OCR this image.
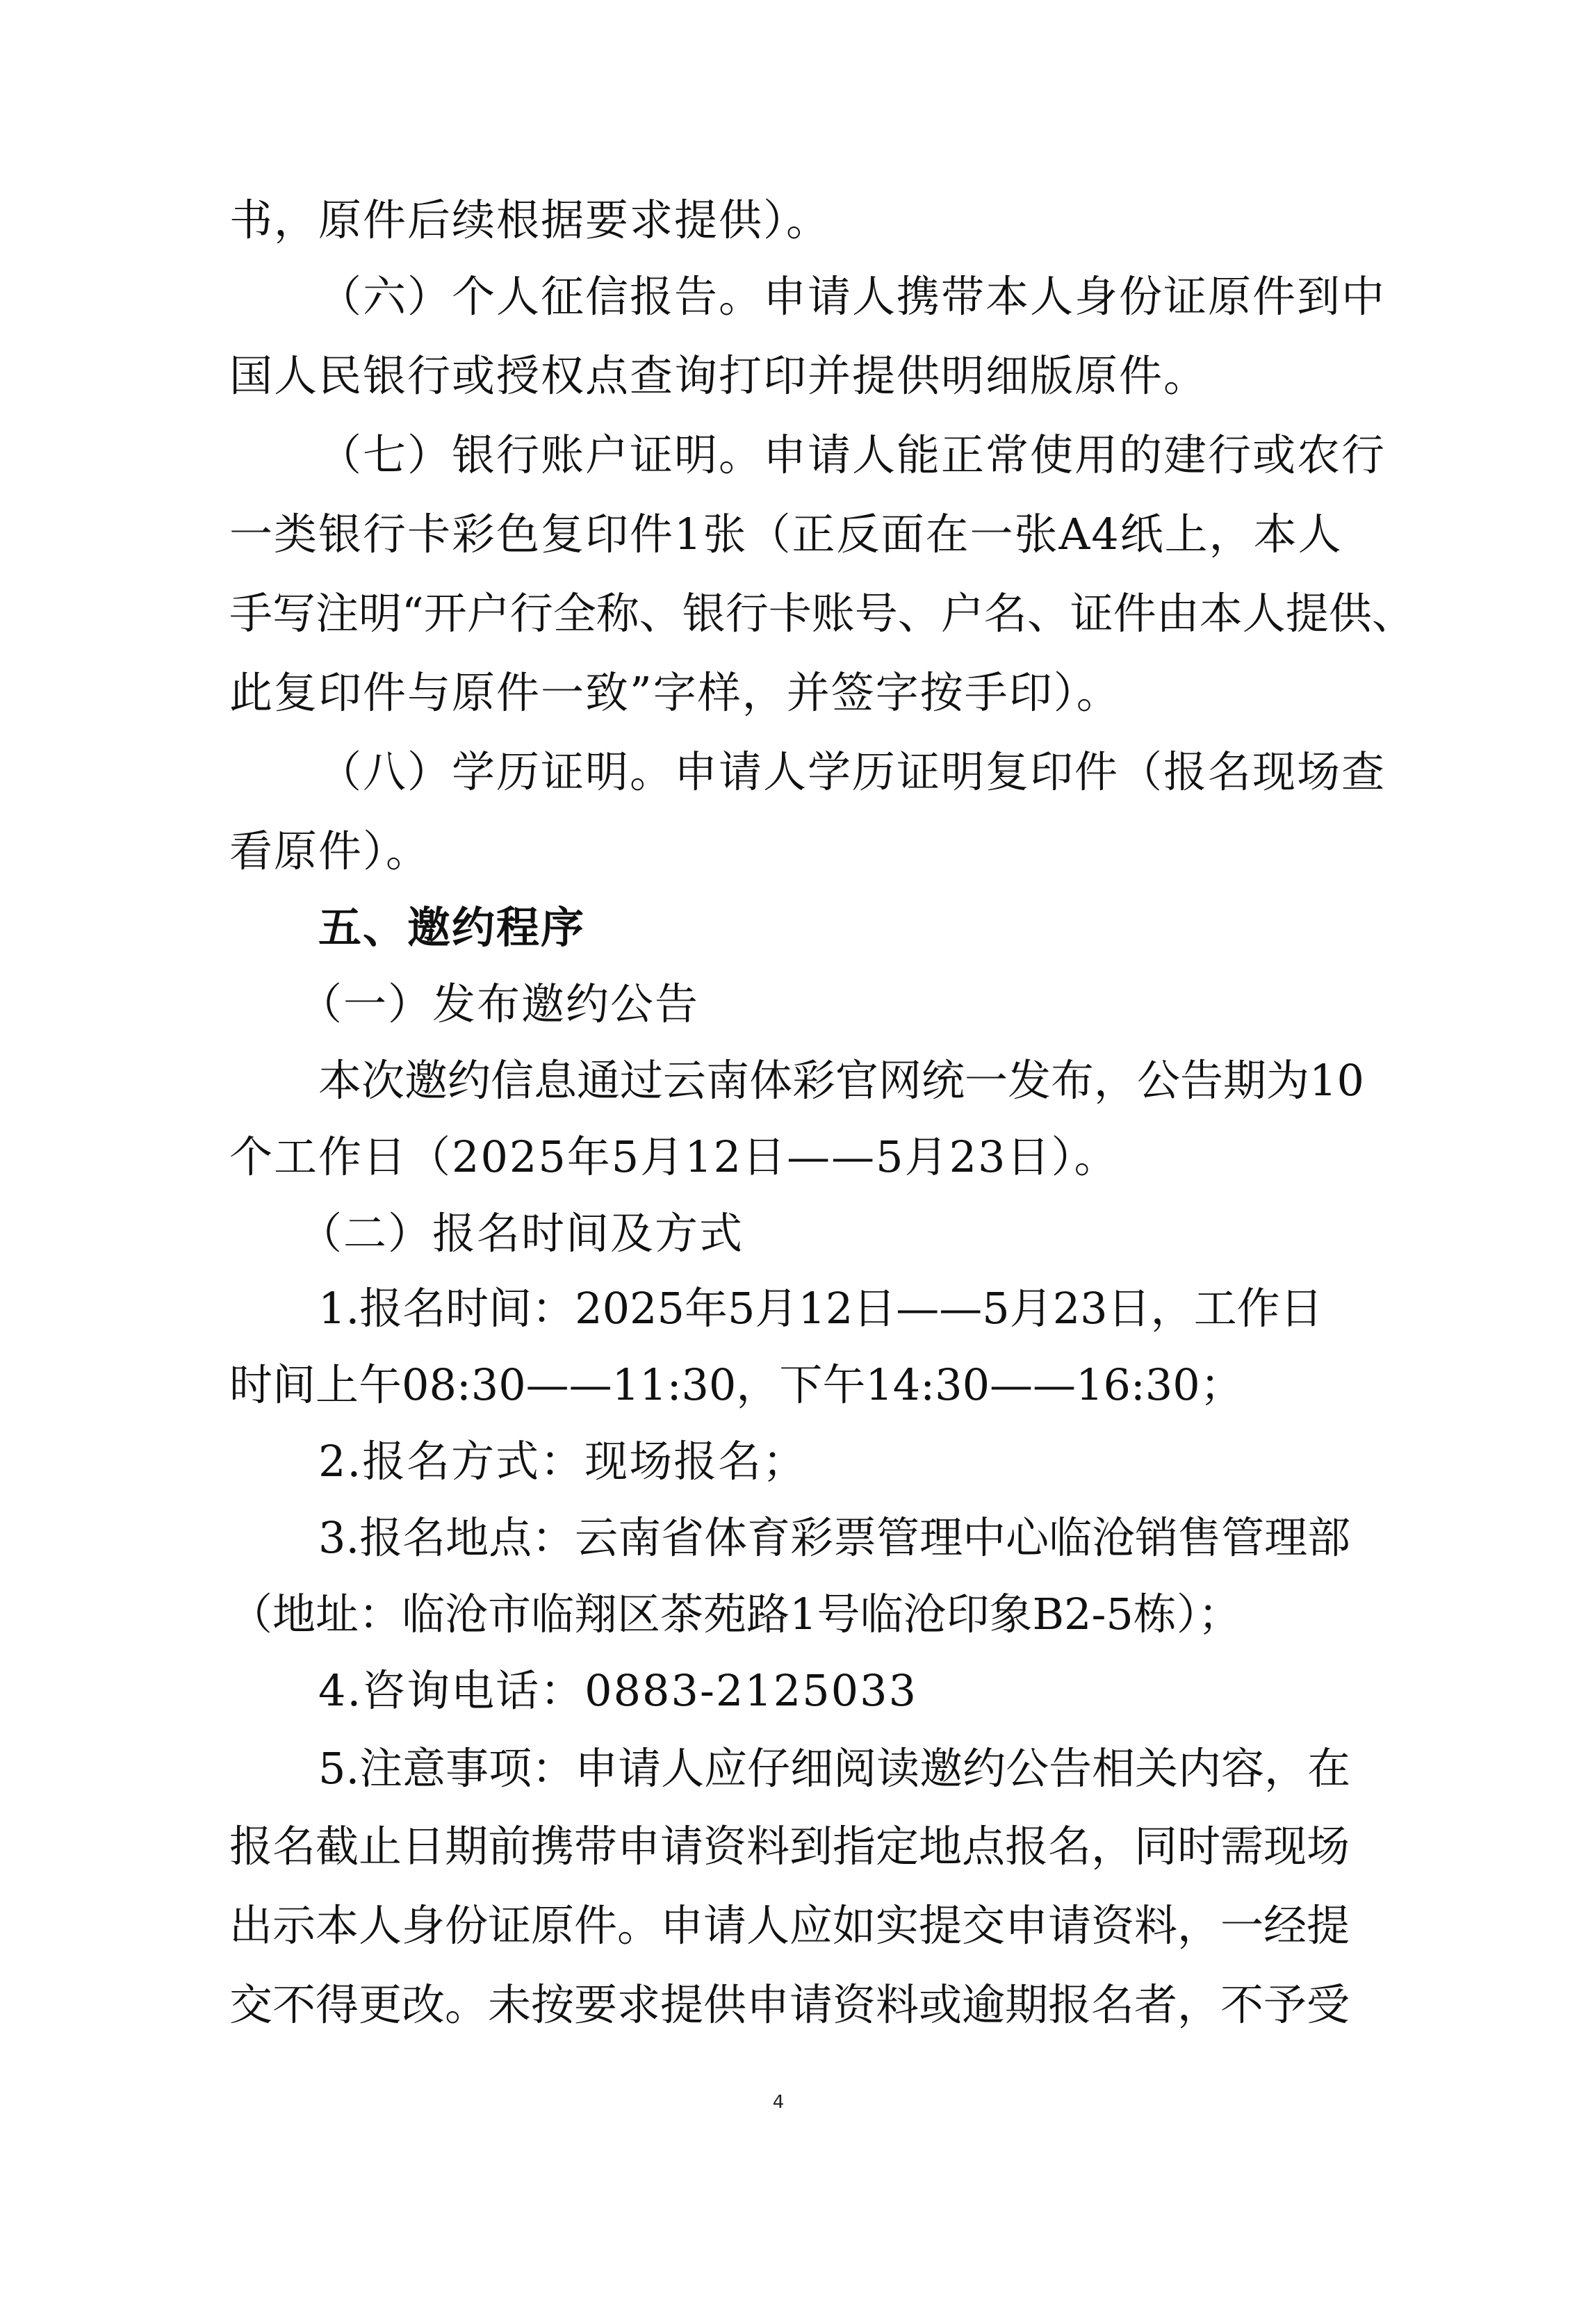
书，原件后续根据要求提供）。
（六）个人征信报告。申请人携带本人身份证原件到中
国人民银行或授权点查询打印并提供明细版原件。
（七）银行账户证明。申请人能正常使用的建行或农行
一类银行卡彩色复印件1张（正反面在一张A4纸上，本人
手写注明“开户行全称、银行卡账号、户名、证件由本人提供、
此复印件与原件一致”字样，并签字按手印）。
（八）学历证明。申请人学历证明复印件（报名现场查
看原件）。
五、邀约程序
（一）发布邀约公告
本次邀约信息通过云南体彩官网统一发布，公告期为10
个工作日（2025年5月12日——5月23日）。
（二）报名时间及方式
1.报名时间：2025年5月12日——5月23日，工作日
时间上午08:30——11:30，下午14:30——16:30；
2.报名方式：现场报名；
3.报名地点：云南省体育彩票管理中心临沧销售管理部
（地址：临沧市临翔区茶苑路1号临沧印象B2-5栋）；
4.咨询电话：0883-2125033
5.注意事项：申请人应仔细阅读邀约公告相关内容，在
报名截止日期前携带申请资料到指定地点报名，同时需现场
出示本人身份证原件。申请人应如实提交申请资料，一经提
交不得更改。未按要求提供申请资料或逾期报名者，不予受
4
